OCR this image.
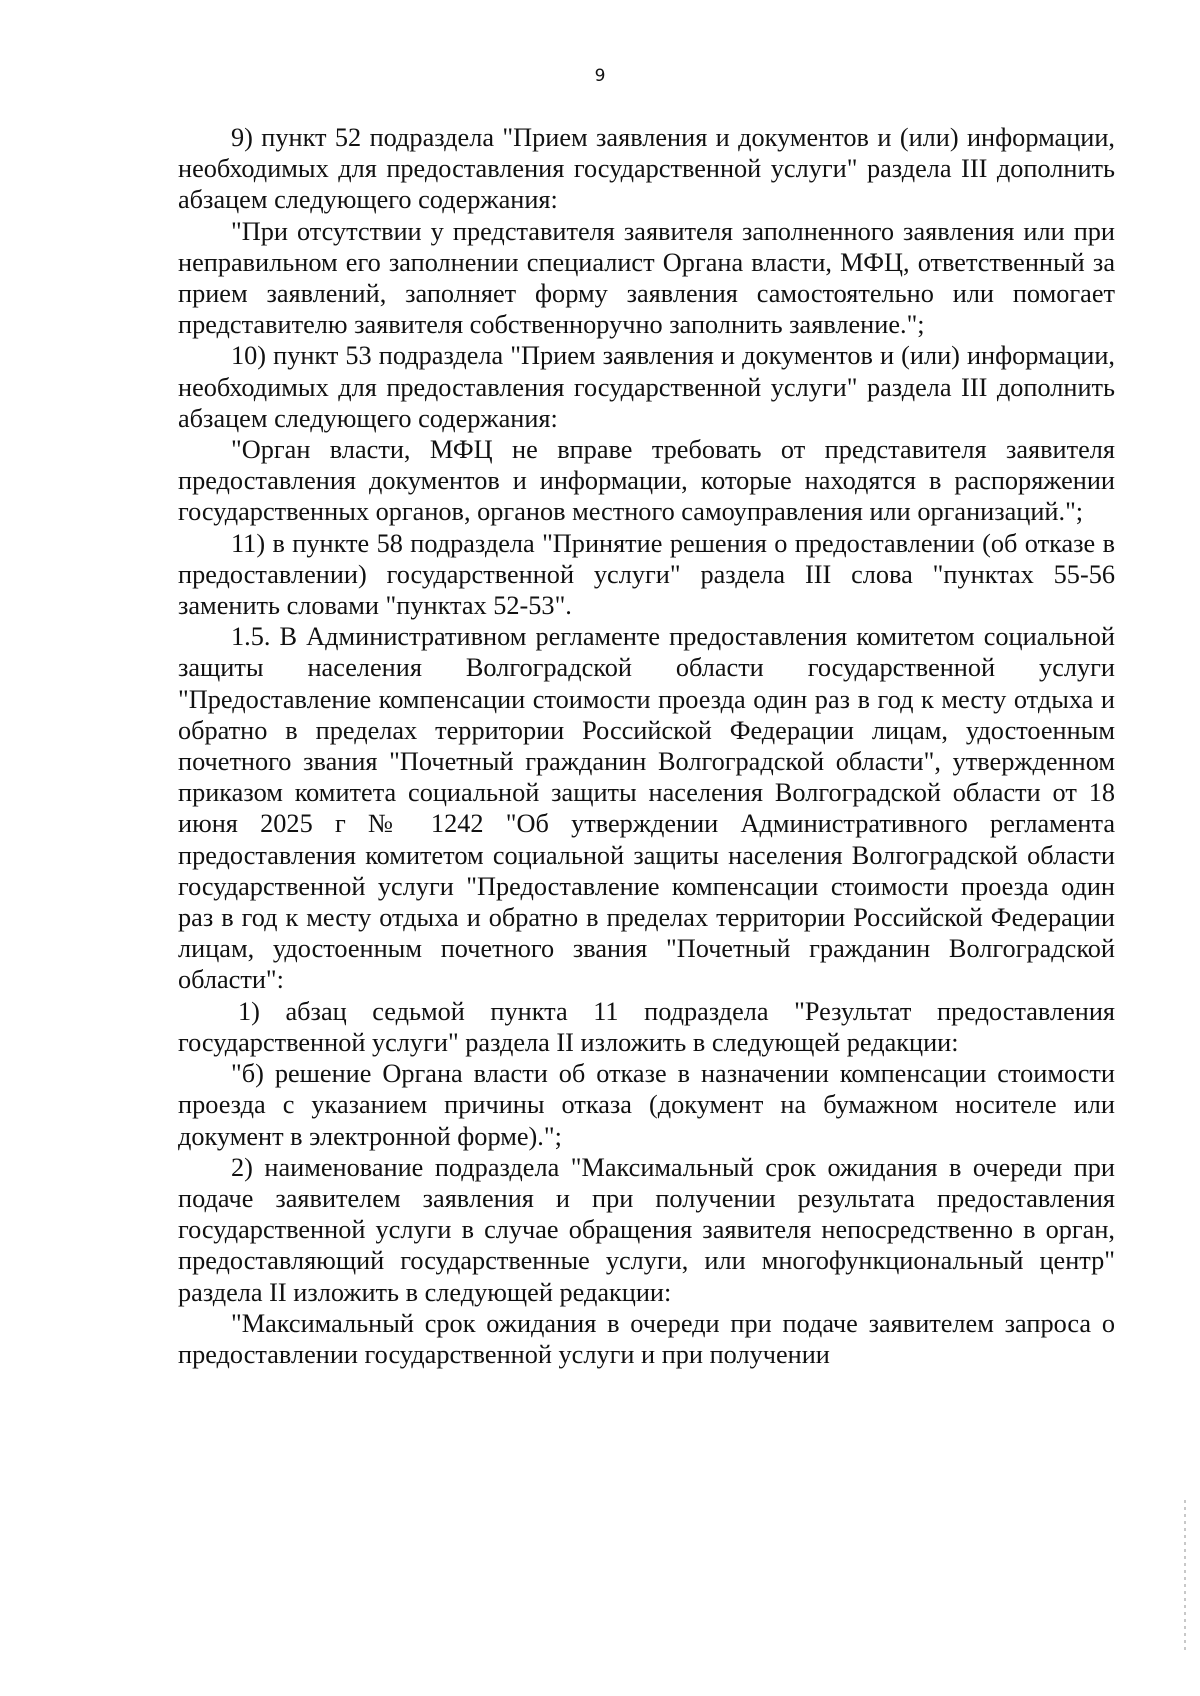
9

9) пункт 52 подраздела "Прием заявления и документов и (или) информации, необходимых для предоставления государственной услуги" раздела III дополнить абзацем следующего содержания:

"При отсутствии у представителя заявителя заполненного заявления или при неправильном его заполнении специалист Органа власти, МФЦ, ответственный за прием заявлений, заполняет форму заявления самостоятельно или помогает представителю заявителя собственноручно заполнить заявление.";

10) пункт 53 подраздела "Прием заявления и документов и (или) информации, необходимых для предоставления государственной услуги" раздела III дополнить абзацем следующего содержания:

"Орган власти, МФЦ не вправе требовать от представителя заявителя предоставления документов и информации, которые находятся в распоряжении государственных органов, органов местного самоуправления или организаций.";

11) в пункте 58 подраздела "Принятие решения о предоставлении (об отказе в предоставлении) государственной услуги" раздела III слова "пунктах 55-56 заменить словами "пунктах 52-53".

1.5. В Административном регламенте предоставления комитетом социальной защиты населения Волгоградской области государственной услуги "Предоставление компенсации стоимости проезда один раз в год к месту отдыха и обратно в пределах территории Российской Федерации лицам, удостоенным почетного звания "Почетный гражданин Волгоградской области", утвержденном приказом комитета социальной защиты населения Волгоградской области от 18 июня 2025 г № 1242 "Об утверждении Административного регламента предоставления комитетом социальной защиты населения Волгоградской области государственной услуги "Предоставление компенсации стоимости проезда один раз в год к месту отдыха и обратно в пределах территории Российской Федерации лицам, удостоенным почетного звания "Почетный гражданин Волгоградской области":

1) абзац седьмой пункта 11 подраздела "Результат предоставления государственной услуги" раздела II изложить в следующей редакции:

"б) решение Органа власти об отказе в назначении компенсации стоимости проезда с указанием причины отказа (документ на бумажном носителе или документ в электронной форме).";

2) наименование подраздела "Максимальный срок ожидания в очереди при подаче заявителем заявления и при получении результата предоставления государственной услуги в случае обращения заявителя непосредственно в орган, предоставляющий государственные услуги, или многофункциональный центр" раздела II изложить в следующей редакции:

"Максимальный срок ожидания в очереди при подаче заявителем запроса о предоставлении государственной услуги и при получении
